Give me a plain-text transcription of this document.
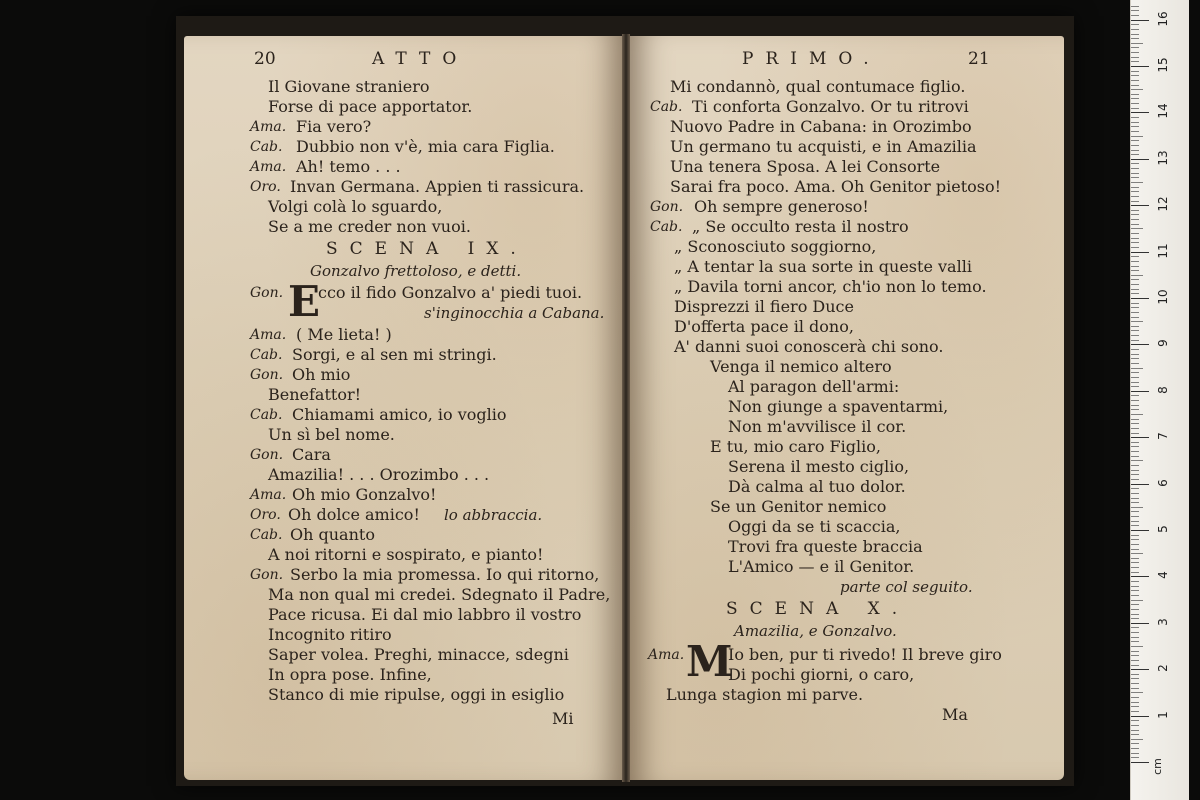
20	ATTO
Il Giovane straniero
Forse di pace apportator.
Ama. Fia vero?
Cab. Dubbio non v'è, mia cara Figlia.
Ama. Ah! temo . . .
Oro. Invan Germana. Appien ti rassicura.
Volgi colà lo sguardo,
Se a me creder non vuoi.
SCENA IX.
Gonzalvo frettoloso, e detti.
Gon. E
cco il fido Gonzalvo a' piedi tuoi.
s'inginocchia a Cabana.
Ama. ( Me lieta! )
Cab. Sorgi, e al sen mi stringi.
Gon. Oh mio
Benefattor!
Cab. Chiamami amico, io voglio
Un sì bel nome.
Gon. Cara
Amazilia! . . . Orozimbo . . .
Ama. Oh mio Gonzalvo!
Oro. Oh dolce amico! lo abbraccia.
Cab. Oh quanto
A noi ritorni e sospirato, e pianto!
Gon. Serbo la mia promessa. Io qui ritorno,
Ma non qual mi credei. Sdegnato il Padre,
Pace ricusa. Ei dal mio labbro il vostro
Incognito ritiro
Saper volea. Preghi, minacce, sdegni
In opra pose. Infine,
Stanco di mie ripulse, oggi in esiglio
Mi
PRIMO.	21
Mi condannò, qual contumace figlio.
Cab. Ti conforta Gonzalvo. Or tu ritrovi
Nuovo Padre in Cabana: in Orozimbo
Un germano tu acquisti, e in Amazilia
Una tenera Sposa. A lei Consorte
Sarai fra poco. Ama. Oh Genitor pietoso!
Gon. Oh sempre generoso!
Cab. „ Se occulto resta il nostro
„ Sconosciuto soggiorno,
„ A tentar la sua sorte in queste valli
„ Davila torni ancor, ch'io non lo temo.
Disprezzi il fiero Duce
D'offerta pace il dono,
A' danni suoi conoscerà chi sono.
Venga il nemico altero
Al paragon dell'armi:
Non giunge a spaventarmi,
Non m'avvilisce il cor.
E tu, mio caro Figlio,
Serena il mesto ciglio,
Dà calma al tuo dolor.
Se un Genitor nemico
Oggi da se ti scaccia,
Trovi fra queste braccia
L'Amico — e il Genitor.
parte col seguito.
SCENA X.
Amazilia, e Gonzalvo.
Ama. M
Io ben, pur ti rivedo! Il breve giro
Di pochi giorni, o caro,
Lunga stagion mi parve.
Ma
cm
1
2
3
4
5
6
7
8
9
10
11
12
13
14
15
16
